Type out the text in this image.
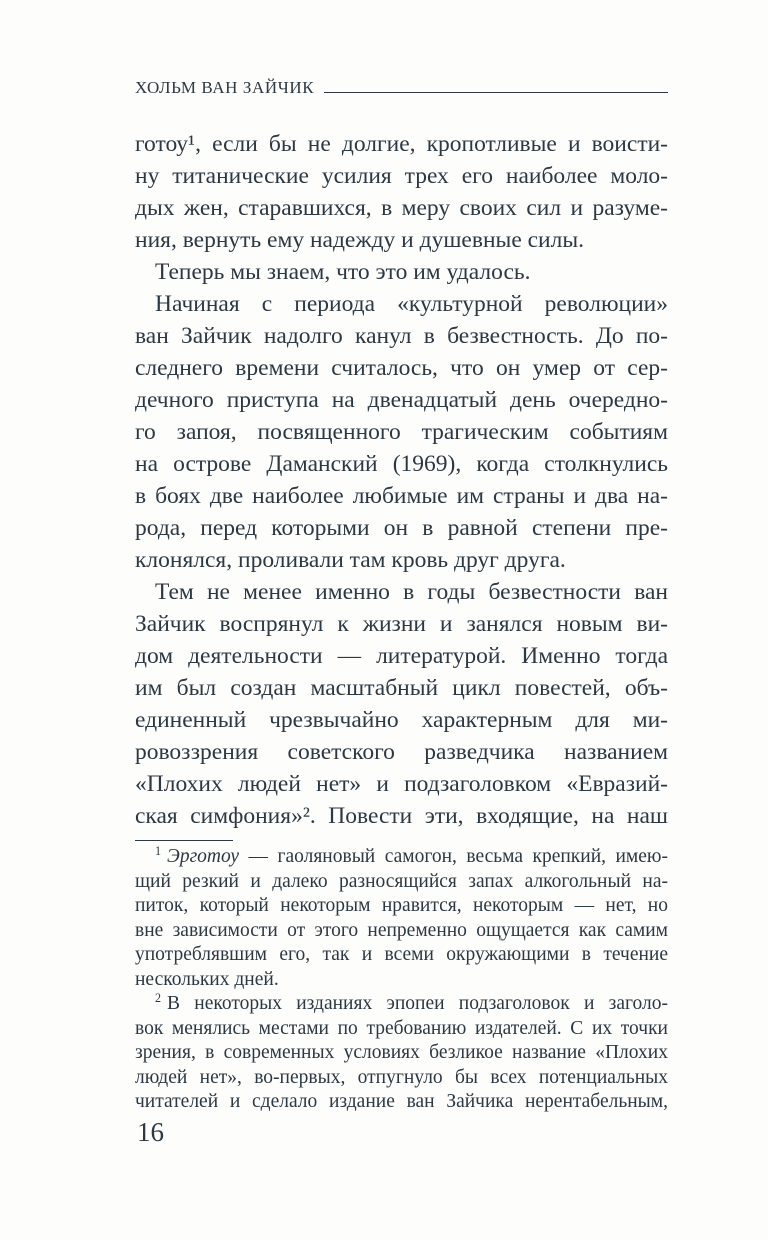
ХОЛЬМ ВАН ЗАЙЧИК
готоу¹, если бы не долгие, кропотливые и воисти-
ну титанические усилия трех его наиболее моло-
дых жен, старавшихся, в меру своих сил и разуме-
ния, вернуть ему надежду и душевные силы.
Теперь мы знаем, что это им удалось.
Начиная с периода «культурной революции»
ван Зайчик надолго канул в безвестность. До по-
следнего времени считалось, что он умер от сер-
дечного приступа на двенадцатый день очередно-
го запоя, посвященного трагическим событиям
на острове Даманский (1969), когда столкнулись
в боях две наиболее любимые им страны и два на-
рода, перед которыми он в равной степени пре-
клонялся, проливали там кровь друг друга.
Тем не менее именно в годы безвестности ван
Зайчик воспрянул к жизни и занялся новым ви-
дом деятельности — литературой. Именно тогда
им был создан масштабный цикл повестей, объ-
единенный чрезвычайно характерным для ми-
ровоззрения советского разведчика названием
«Плохих людей нет» и подзаголовком «Евразий-
ская симфония»². Повести эти, входящие, на наш
$^1$ Эрготоу — гаоляновый самогон, весьма крепкий, имею-
щий резкий и далеко разносящийся запах алкогольный на-
питок, который некоторым нравится, некоторым — нет, но
вне зависимости от этого непременно ощущается как самим
употреблявшим его, так и всеми окружающими в течение
нескольких дней.
$^2$ В некоторых изданиях эпопеи подзаголовок и заголо-
вок менялись местами по требованию издателей. С их точки
зрения, в современных условиях безликое название «Плохих
людей нет», во-первых, отпугнуло бы всех потенциальных
читателей и сделало издание ван Зайчика нерентабельным,
16
